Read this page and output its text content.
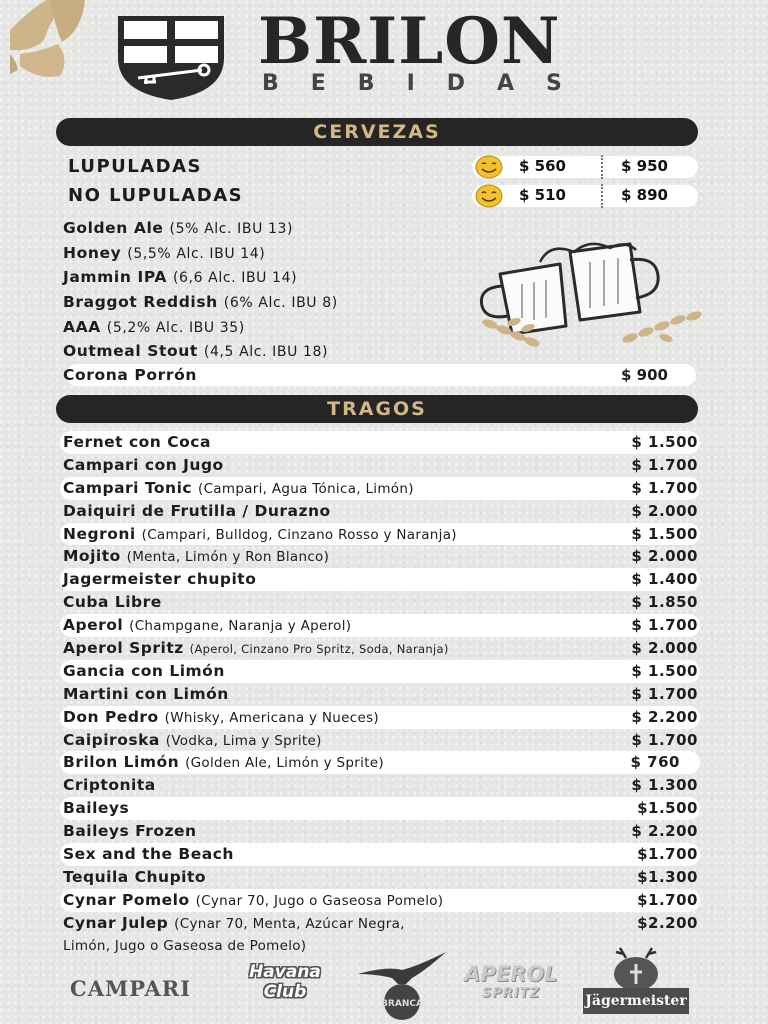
BRILON
BEBIDAS
CERVEZAS
LUPULADAS	$ 560	$ 950
NO LUPULADAS	$ 510	$ 890
Golden Ale (5% Alc. IBU 13)
Honey (5,5% Alc. IBU 14)
Jammin IPA (6,6 Alc. IBU 14)
Braggot Reddish (6% Alc. IBU 8)
AAA (5,2% Alc. IBU 35)
Outmeal Stout (4,5 Alc. IBU 18)
Corona Porrón	$ 900
TRAGOS
Fernet con Coca	$ 1.500
Campari con Jugo	$ 1.700
Campari Tonic (Campari, Agua Tónica, Limón)	$ 1.700
Daiquiri de Frutilla / Durazno	$ 2.000
Negroni (Campari, Bulldog, Cinzano Rosso y Naranja)	$ 1.500
Mojito (Menta, Limón y Ron Blanco)	$ 2.000
Jagermeister chupito	$ 1.400
Cuba Libre	$ 1.850
Aperol (Champgane, Naranja y Aperol)	$ 1.700
Aperol Spritz (Aperol, Cinzano Pro Spritz, Soda, Naranja)	$ 2.000
Gancia con Limón	$ 1.500
Martini con Limón	$ 1.700
Don Pedro (Whisky, Americana y Nueces)	$ 2.200
Caipiroska (Vodka, Lima y Sprite)	$ 1.700
Brilon Limón (Golden Ale, Limón y Sprite)	$ 760
Criptonita	$ 1.300
Baileys	$1.500
Baileys Frozen	$ 2.200
Sex and the Beach	$1.700
Tequila Chupito	$1.300
Cynar Pomelo (Cynar 70, Jugo o Gaseosa Pomelo)	$1.700
Cynar Julep (Cynar 70, Menta, Azúcar Negra,	$2.200
Limón, Jugo o Gaseosa de Pomelo)
CAMPARI
Havana
Club
BRANCA
APEROL
SPRITZ	Jägermeister
